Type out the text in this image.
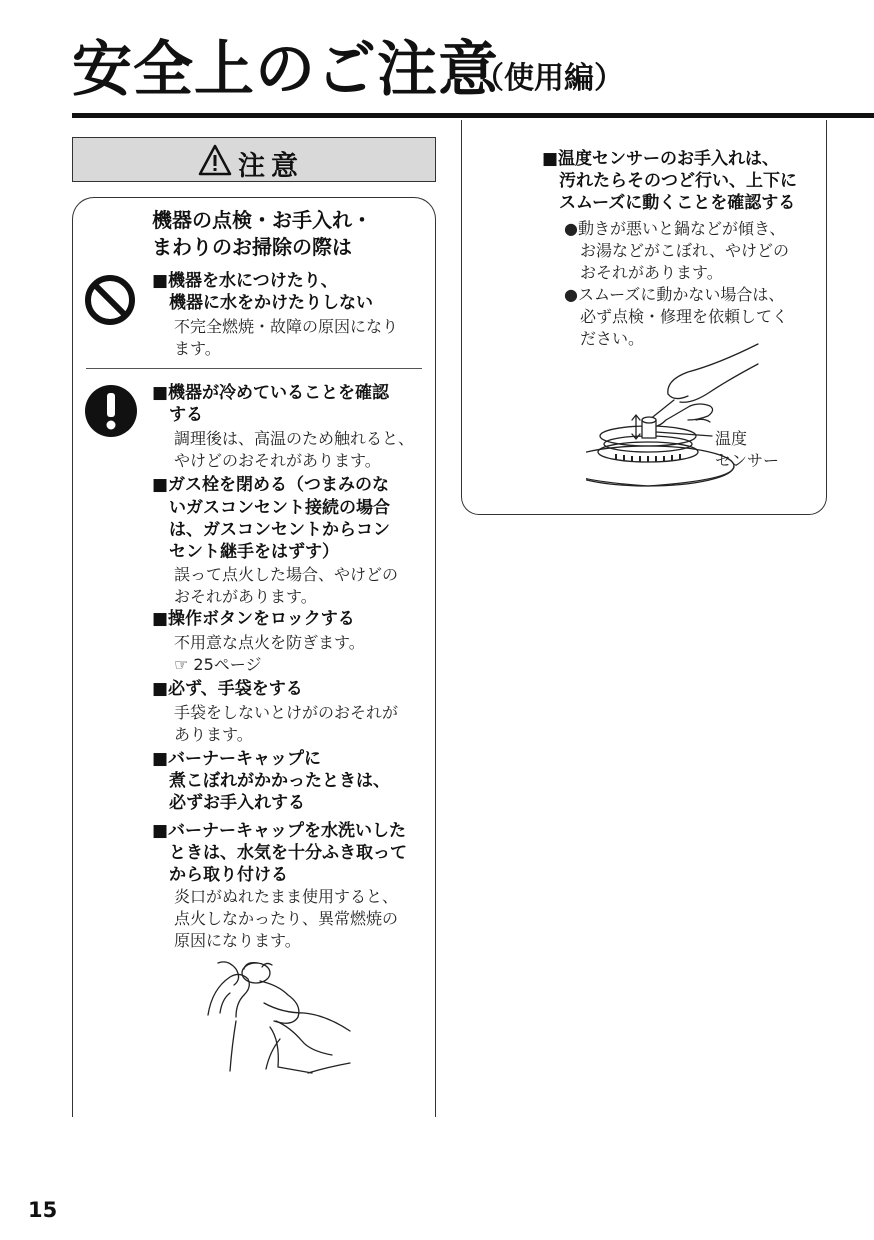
安全上のご注意
（使用編）
注意
機器の点検・お手入れ・
まわりのお掃除の際は
■機器を水につけたり、
　機器に水をかけたりしない
不完全燃焼・故障の原因になり
ます。
■機器が冷めていることを確認
　する
調理後は、高温のため触れると、
やけどのおそれがあります。
■ガス栓を閉める（つまみのな
　いガスコンセント接続の場合
　は、ガスコンセントからコン
　セント継手をはずす）
誤って点火した場合、やけどの
おそれがあります。
■操作ボタンをロックする
不用意な点火を防ぎます。
☞ 25ページ
■必ず、手袋をする
手袋をしないとけがのおそれが
あります。
■バーナーキャップに
　煮こぼれがかかったときは、
　必ずお手入れする
■バーナーキャップを水洗いした
　ときは、水気を十分ふき取って
　から取り付ける
炎口がぬれたまま使用すると、
点火しなかったり、異常燃焼の
原因になります。
■温度センサーのお手入れは、
　汚れたらそのつど行い、上下に
　スムーズに動くことを確認する
●動きが悪いと鍋などが傾き、
　お湯などがこぼれ、やけどの
　おそれがあります。
●スムーズに動かない場合は、
　必ず点検・修理を依頼してく
　ださい。
温度
センサー
15
